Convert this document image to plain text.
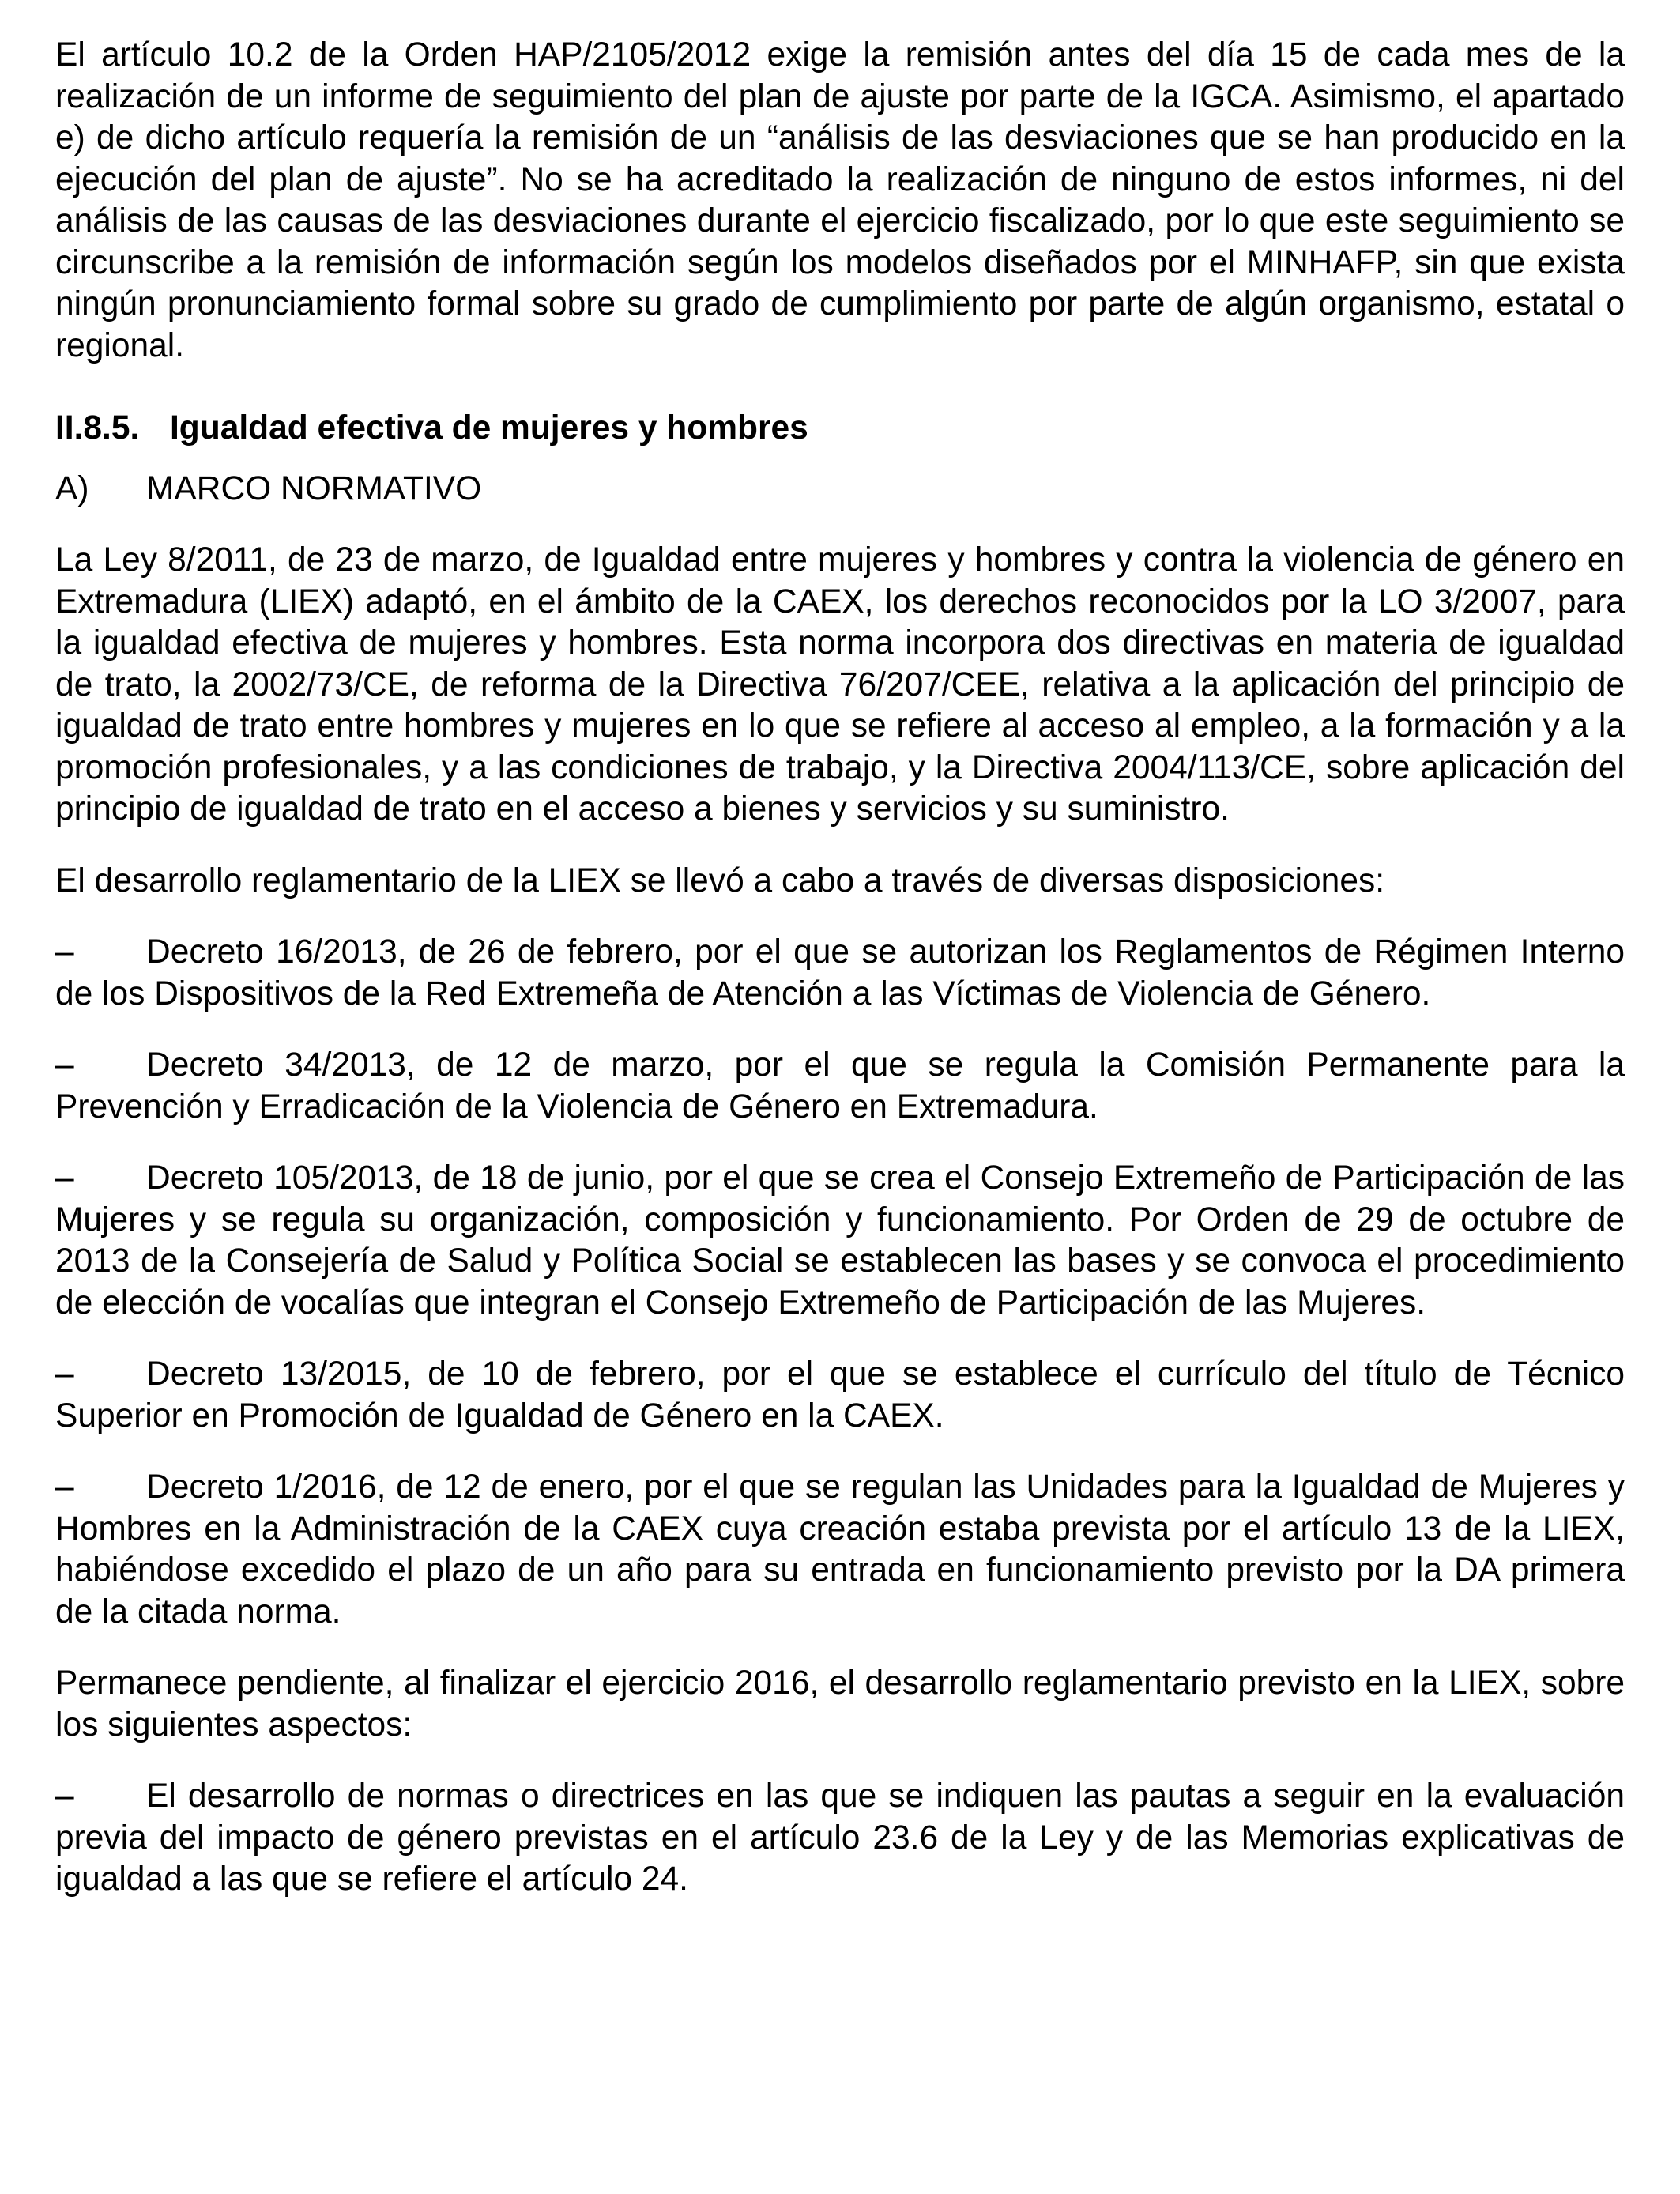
El artículo 10.2 de la Orden HAP/2105/2012 exige la remisión antes del día 15 de cada mes de la realización de un informe de seguimiento del plan de ajuste por parte de la IGCA. Asimismo, el apartado e) de dicho artículo requería la remisión de un “análisis de las desviaciones que se han producido en la ejecución del plan de ajuste”. No se ha acreditado la realización de ninguno de estos informes, ni del análisis de las causas de las desviaciones durante el ejercicio fiscalizado, por lo que este seguimiento se circunscribe a la remisión de información según los modelos diseñados por el MINHAFP, sin que exista ningún pronunciamiento formal sobre su grado de cumplimiento por parte de algún organismo, estatal o regional.

II.8.5. Igualdad efectiva de mujeres y hombres
A)	MARCO NORMATIVO

La Ley 8/2011, de 23 de marzo, de Igualdad entre mujeres y hombres y contra la violencia de género en Extremadura (LIEX) adaptó, en el ámbito de la CAEX, los derechos reconocidos por la LO 3/2007, para la igualdad efectiva de mujeres y hombres. Esta norma incorpora dos directivas en materia de igualdad de trato, la 2002/73/CE, de reforma de la Directiva 76/207/CEE, relativa a la aplicación del principio de igualdad de trato entre hombres y mujeres en lo que se refiere al acceso al empleo, a la formación y a la promoción profesionales, y a las condiciones de trabajo, y la Directiva 2004/113/CE, sobre aplicación del principio de igualdad de trato en el acceso a bienes y servicios y su suministro.

El desarrollo reglamentario de la LIEX se llevó a cabo a través de diversas disposiciones:

– Decreto 16/2013, de 26 de febrero, por el que se autorizan los Reglamentos de Régimen Interno de los Dispositivos de la Red Extremeña de Atención a las Víctimas de Violencia de Género.

– Decreto 34/2013, de 12 de marzo, por el que se regula la Comisión Permanente para la Prevención y Erradicación de la Violencia de Género en Extremadura.

– Decreto 105/2013, de 18 de junio, por el que se crea el Consejo Extremeño de Participación de las Mujeres y se regula su organización, composición y funcionamiento. Por Orden de 29 de octubre de 2013 de la Consejería de Salud y Política Social se establecen las bases y se convoca el procedimiento de elección de vocalías que integran el Consejo Extremeño de Participación de las Mujeres.

– Decreto 13/2015, de 10 de febrero, por el que se establece el currículo del título de Técnico Superior en Promoción de Igualdad de Género en la CAEX.

– Decreto 1/2016, de 12 de enero, por el que se regulan las Unidades para la Igualdad de Mujeres y Hombres en la Administración de la CAEX cuya creación estaba prevista por el artículo 13 de la LIEX, habiéndose excedido el plazo de un año para su entrada en funcionamiento previsto por la DA primera de la citada norma.

Permanece pendiente, al finalizar el ejercicio 2016, el desarrollo reglamentario previsto en la LIEX, sobre los siguientes aspectos:

– El desarrollo de normas o directrices en las que se indiquen las pautas a seguir en la evaluación previa del impacto de género previstas en el artículo 23.6 de la Ley y de las Memorias explicativas de igualdad a las que se refiere el artículo 24.
